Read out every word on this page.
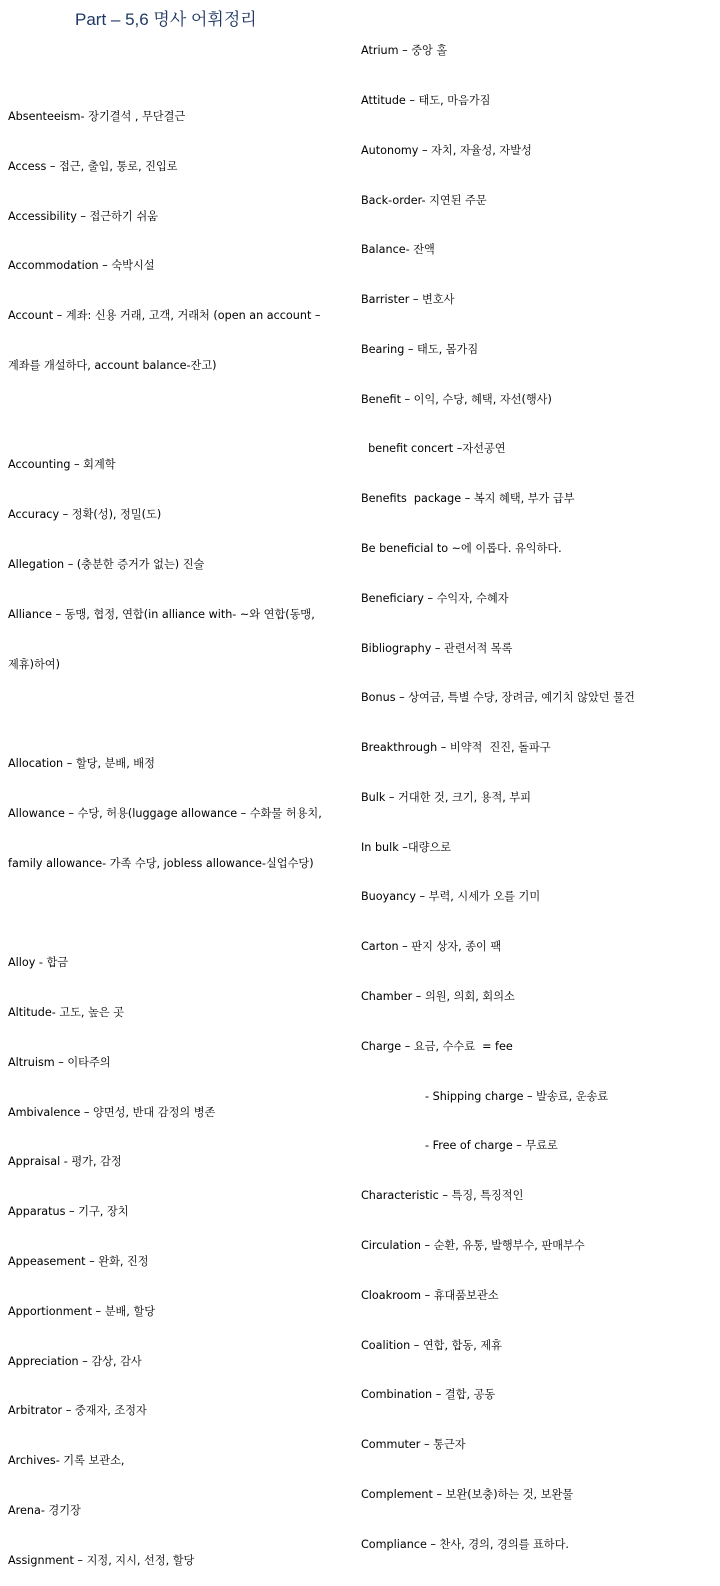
Part – 5,6 명사 어휘정리

Absenteeism- 장기결석 , 무단결근

Access – 접근, 출입, 통로, 진입로

Accessibility – 접근하기 쉬움

Accommodation – 숙박시설

Account – 계좌: 신용 거래, 고객, 거래처 (open an account –

계좌를 개설하다, account balance-잔고)

Accounting – 회계학

Accuracy – 정확(성), 정밀(도)

Allegation – (충분한 증거가 없는) 진술

Alliance – 동맹, 협정, 연합(in alliance with- ~와 연합(동맹,

제휴)하여)

Allocation – 할당, 분배, 배정

Allowance – 수당, 허용(luggage allowance – 수화물 허용치,

family allowance- 가족 수당, jobless allowance-실업수당)

Alloy - 합금

Altitude- 고도, 높은 곳

Altruism – 이타주의

Ambivalence – 양면성, 반대 감정의 병존

Appraisal - 평가, 감정

Apparatus – 기구, 장치

Appeasement – 완화, 진정

Apportionment – 분배, 할당

Appreciation – 감상, 감사

Arbitrator – 중재자, 조정자

Archives- 기록 보관소,

Arena- 경기장

Assignment – 지정, 지시, 선정, 할당

Atrium – 중앙 홀

Attitude – 태도, 마음가짐

Autonomy – 자치, 자율성, 자발성

Back-order- 지연된 주문

Balance- 잔액

Barrister – 변호사

Bearing – 태도, 몸가짐

Benefit – 이익, 수당, 혜택, 자선(행사)

benefit concert –자선공연

Benefits  package – 복지 혜택, 부가 급부

Be beneficial to ~에 이롭다. 유익하다.

Beneficiary – 수익자, 수혜자

Bibliography – 관련서적 목록

Bonus – 상여금, 특별 수당, 장려금, 예기치 않았던 물건

Breakthrough – 비약적  진진, 돌파구

Bulk – 거대한 것, 크기, 용적, 부피

In bulk –대량으로

Buoyancy – 부력, 시세가 오를 기미

Carton – 판지 상자, 종이 팩

Chamber – 의원, 의회, 회의소

Charge – 요금, 수수료  = fee

- Shipping charge – 발송료, 운송료

- Free of charge – 무료로

Characteristic – 특징, 특징적인

Circulation – 순환, 유통, 발행부수, 판매부수

Cloakroom – 휴대품보관소

Coalition – 연합, 합동, 제휴

Combination – 결합, 공동

Commuter – 통근자

Complement – 보완(보충)하는 것, 보완물

Compliance – 찬사, 경의, 경의를 표하다.
